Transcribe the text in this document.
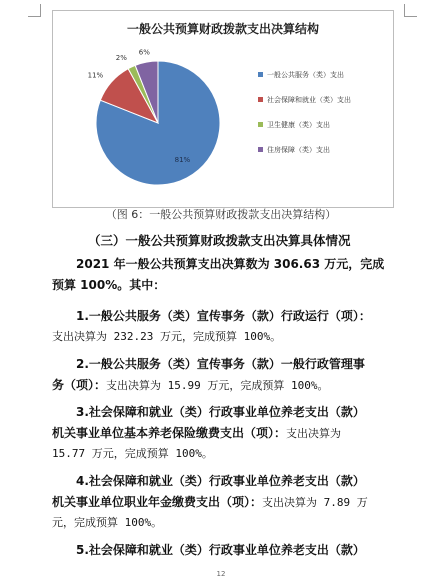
一般公共预算财政拨款支出决算结构
81%
11%
2%
6%
一般公共服务（类）支出
社会保障和就业（类）支出
卫生健康（类）支出
住房保障（类）支出
（图 6：一般公共预算财政拨款支出决算结构）
（三）一般公共预算财政拨款支出决算具体情况
2021 年一般公共预算支出决算数为 306.63 万元，完成
预算 100%。其中：
1.一般公共服务（类）宣传事务（款）行政运行（项）：
支出决算为 232.23 万元，完成预算 100%。
2.一般公共服务（类）宣传事务（款）一般行政管理事
务（项）：支出决算为 15.99 万元，完成预算 100%。
3.社会保障和就业（类）行政事业单位养老支出（款）
机关事业单位基本养老保险缴费支出（项）：支出决算为
15.77 万元，完成预算 100%。
4.社会保障和就业（类）行政事业单位养老支出（款）
机关事业单位职业年金缴费支出（项）：支出决算为 7.89 万
元，完成预算 100%。
5.社会保障和就业（类）行政事业单位养老支出（款）
12
